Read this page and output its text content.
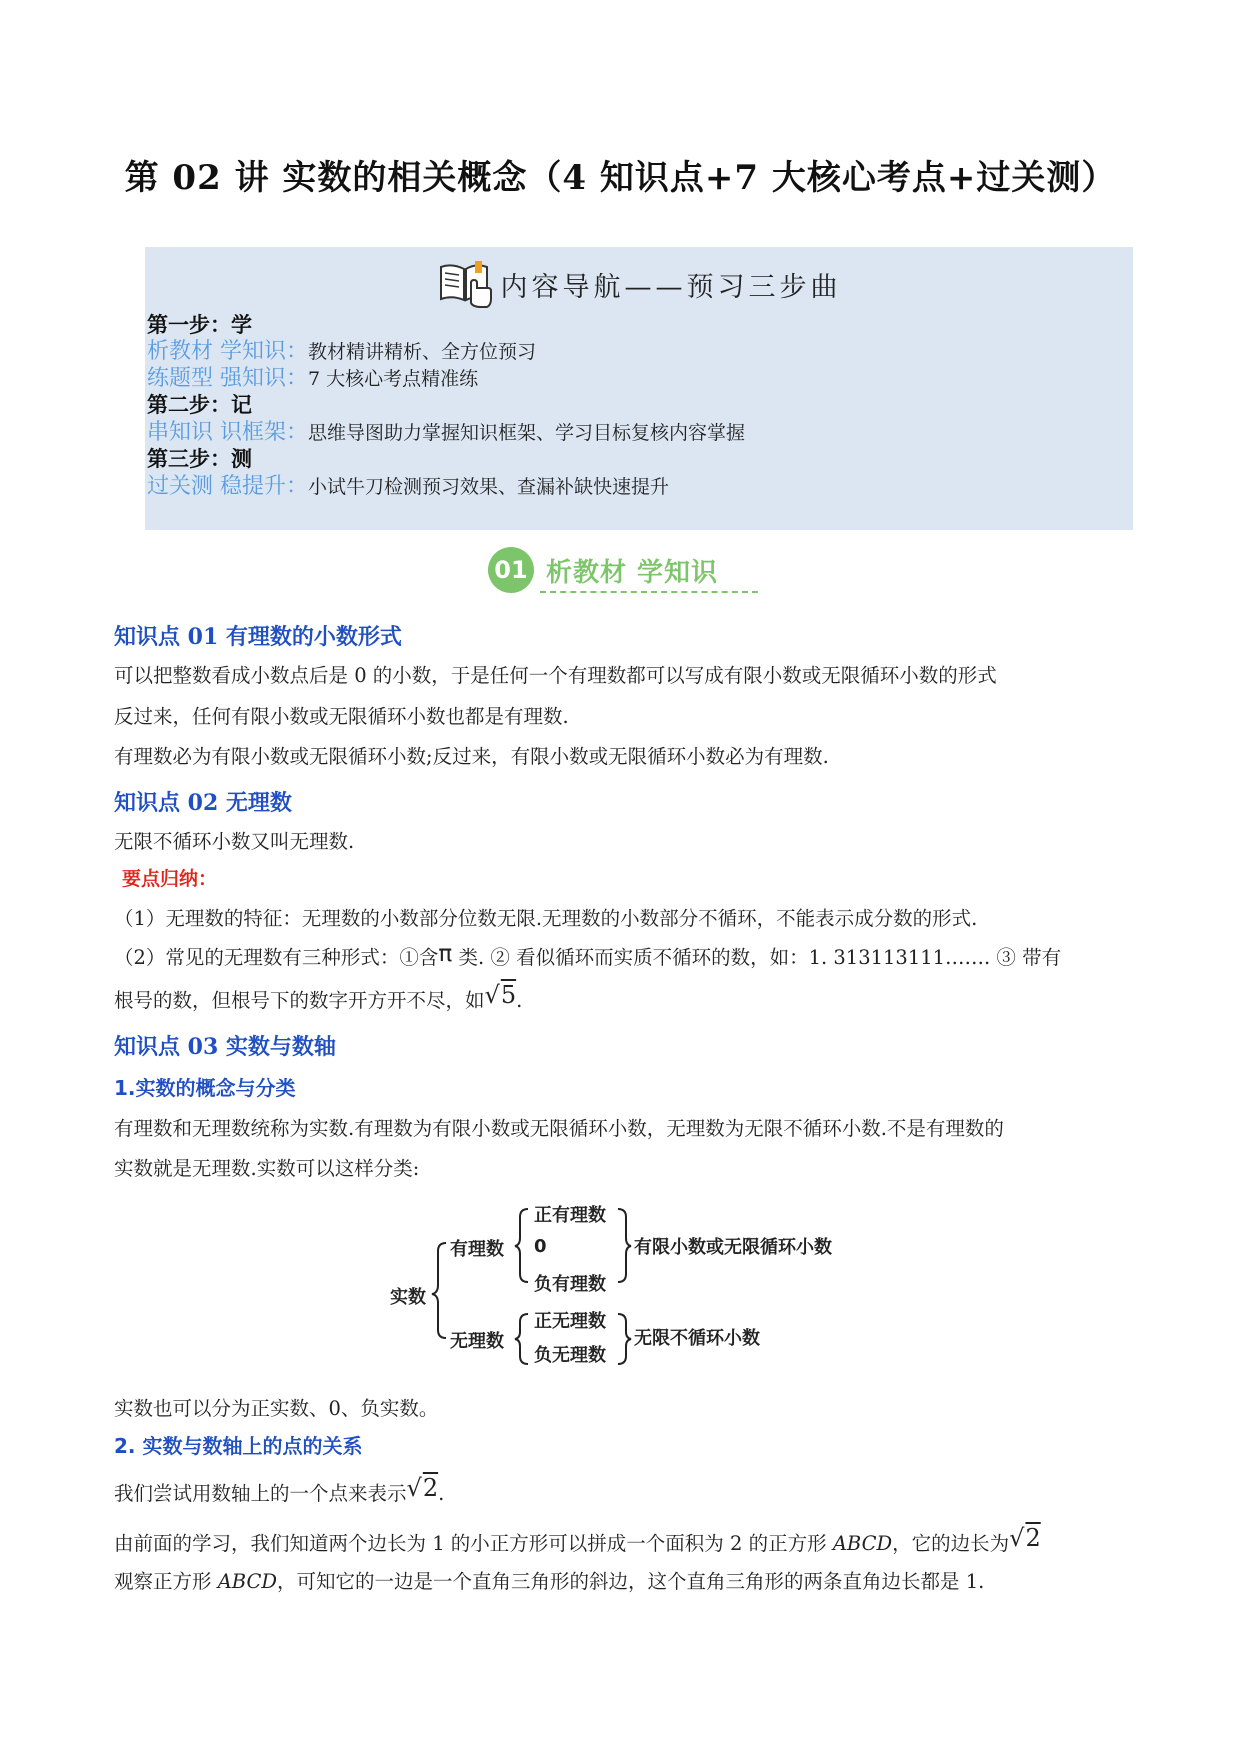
第 02 讲 实数的相关概念（4 知识点+7 大核心考点+过关测）
内容导航——预习三步曲
第一步：学
析教材 学知识：教材精讲精析、全方位预习
练题型 强知识：7 大核心考点精准练
第二步：记
串知识 识框架：思维导图助力掌握知识框架、学习目标复核内容掌握
第三步：测
过关测 稳提升：小试牛刀检测预习效果、查漏补缺快速提升
01 析教材 学知识
知识点 01 有理数的小数形式
可以把整数看成小数点后是 0 的小数，于是任何一个有理数都可以写成有限小数或无限循环小数的形式
反过来，任何有限小数或无限循环小数也都是有理数.
有理数必为有限小数或无限循环小数;反过来，有限小数或无限循环小数必为有理数.
知识点 02 无理数
无限不循环小数又叫无理数.
要点归纳：
（1）无理数的特征：无理数的小数部分位数无限.无理数的小数部分不循环，不能表示成分数的形式.
（2）常见的无理数有三种形式：①含π 类. ② 看似循环而实质不循环的数，如：1. 313113111……. ③ 带有
根号的数，但根号下的数字开方开不尽，如√5.
知识点 03 实数与数轴
1.实数的概念与分类
有理数和无理数统称为实数.有理数为有限小数或无限循环小数，无理数为无限不循环小数.不是有理数的
实数就是无理数.实数可以这样分类:
实数
有理数
正有理数
0
负有理数
有限小数或无限循环小数
无理数
正无理数
负无理数
无限不循环小数
实数也可以分为正实数、0、负实数。
2. 实数与数轴上的点的关系
我们尝试用数轴上的一个点来表示√2.
由前面的学习，我们知道两个边长为 1 的小正方形可以拼成一个面积为 2 的正方形 ABCD，它的边长为√2
观察正方形 ABCD，可知它的一边是一个直角三角形的斜边，这个直角三角形的两条直角边长都是 1.
